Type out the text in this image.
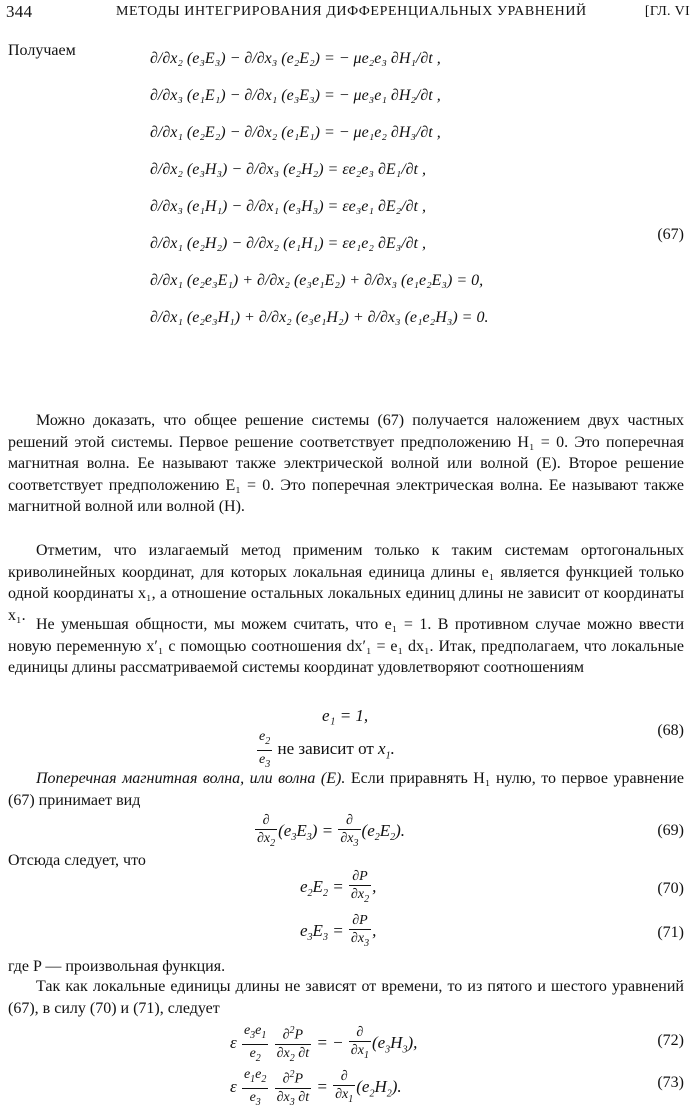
344	МЕТОДЫ ИНТЕГРИРОВАНИЯ ДИФФЕРЕНЦИАЛЬНЫХ УРАВНЕНИЙ	[ГЛ. VI
Получаем	∂/∂x₂ (e₃E₃) − ∂/∂x₃ (e₂E₂) = − μe₂e₃ ∂H₁/∂t ,
∂/∂x₃ (e₁E₁) − ∂/∂x₁ (e₃E₃) = − μe₃e₁ ∂H₂/∂t ,
∂/∂x₁ (e₂E₂) − ∂/∂x₂ (e₁E₁) = − μe₁e₂ ∂H₃/∂t ,
∂/∂x₂ (e₃H₃) − ∂/∂x₃ (e₂H₂) = εe₂e₃ ∂E₁/∂t ,
∂/∂x₃ (e₁H₁) − ∂/∂x₁ (e₃H₃) = εe₃e₁ ∂E₂/∂t ,
∂/∂x₁ (e₂H₂) − ∂/∂x₂ (e₁H₁) = εe₁e₂ ∂E₃/∂t ,
∂/∂x₁ (e₂e₃E₁) + ∂/∂x₂ (e₃e₁E₂) + ∂/∂x₃ (e₁e₂E₃) = 0,
∂/∂x₁ (e₂e₃H₁) + ∂/∂x₂ (e₃e₁H₂) + ∂/∂x₃ (e₁e₂H₃) = 0.
(67)
Можно доказать, что общее решение системы (67) получается наложением двух частных решений этой системы. Первое решение соответствует предположению H₁ = 0. Это поперечная магнитная волна. Ее называют также электрической волной или волной (E). Второе решение соответствует предположению E₁ = 0. Это поперечная электрическая волна. Ее называют также магнитной волной или волной (H).
Отметим, что излагаемый метод применим только к таким системам ортогональных криволинейных координат, для которых локальная единица длины e₁ является функцией только одной координаты x₁, а отношение остальных локальных единиц длины не зависит от координаты x₁.
Не уменьшая общности, мы можем считать, что e₁ = 1. В противном случае можно ввести новую переменную x′₁ с помощью соотношения dx′₁ = e₁ dx₁. Итак, предполагаем, что локальные единицы длины рассматриваемой системы координат удовлетворяют соотношениям
e₁ = 1,
$\frac{e_2}{e_3}$ не зависит от $x_1$.
(68)
Поперечная магнитная волна, или волна (E). Если приравнять H₁ нулю, то первое уравнение (67) принимает вид
∂
$\partial x_2$
$(e_3E_3)$ =
∂
$\partial x_3$
$(e_2E_2)$.	(69)
Отсюда следует, что
$e_2E_2 = \frac{\partial P}{\partial x_2}$ ,	(70)
$e_3E_3 = \frac{\partial P}{\partial x_3}$ ,	(71)
где P — произвольная функция.
Так как локальные единицы длины не зависят от времени, то из пятого и шестого уравнений (67), в силу (70) и (71), следует
ε $\frac{e_3e_1}{e_2}$
$\frac{\partial^2P}{\partial x_2 \partial t}$ = −
∂
$\partial x_1$
$(e_3H_3)$,	(72)
ε $\frac{e_1e_2}{e_3}$
$\frac{\partial^2P}{\partial x_3 \partial t}$ =
∂
$\partial x_1$
$(e_2H_2)$.	(73)
